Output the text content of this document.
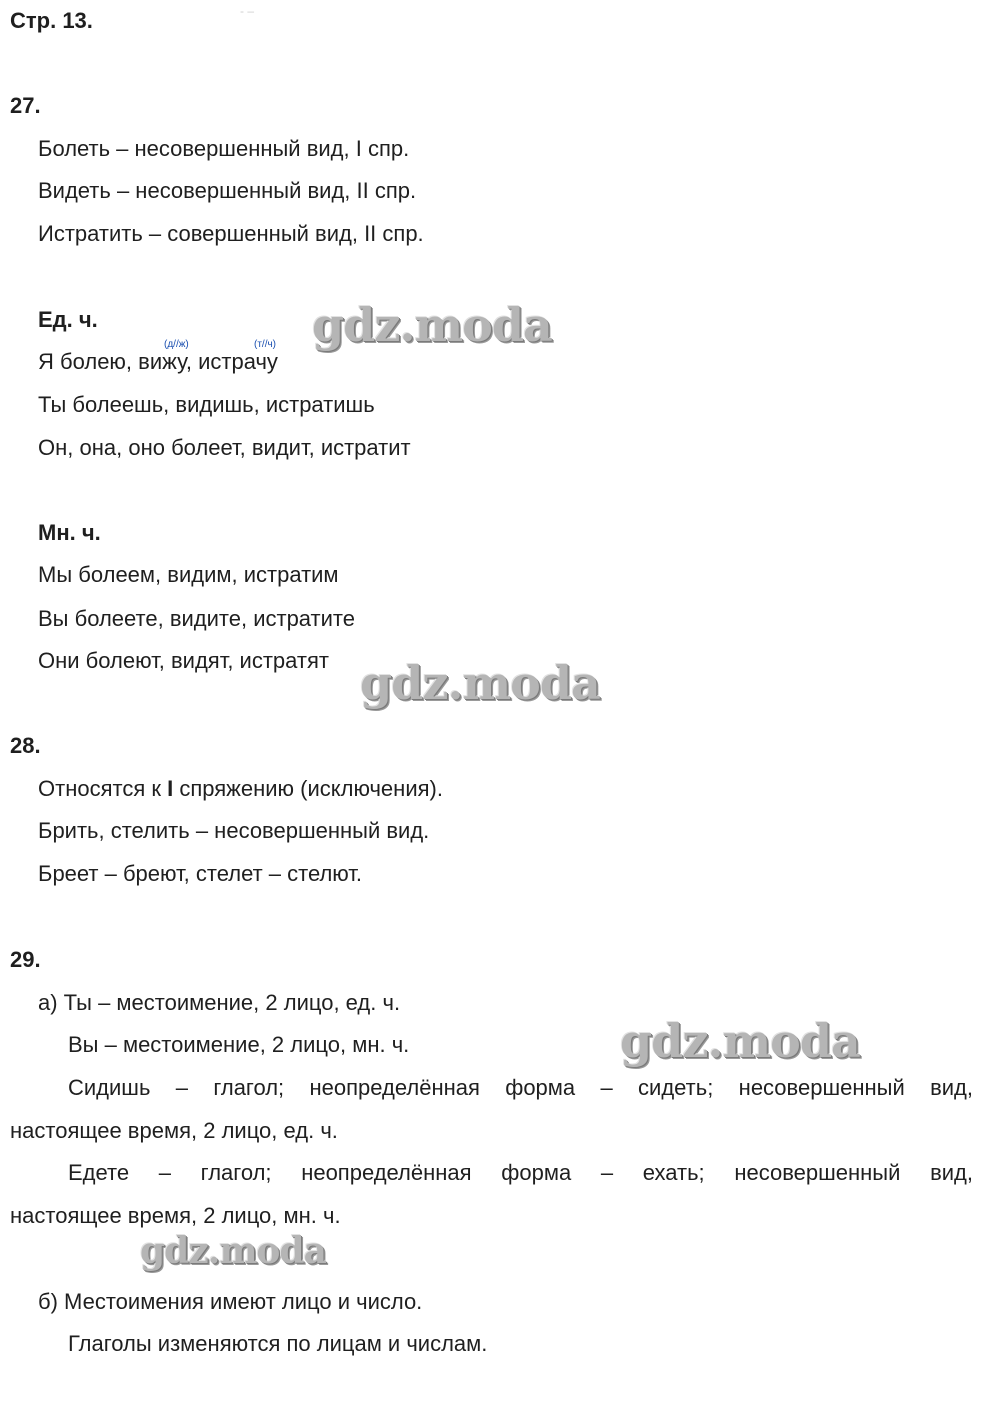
Стр. 13.	- –
27.
Болеть – несовершенный вид, I спр.
Видеть – несовершенный вид, II спр.
Истратить – совершенный вид, II спр.
Ед. ч.
(д//ж)	(т//ч)
Я болею, вижу, истрачу
Ты болеешь, видишь, истратишь
Он, она, оно болеет, видит, истратит
Мн. ч.
Мы болеем, видим, истратим
Вы болеете, видите, истратите
Они болеют, видят, истратят
28.
Относятся к I спряжению (исключения).
Брить, стелить – несовершенный вид.
Бреет – бреют, стелет – стелют.
29.
а) Ты – местоимение, 2 лицо, ед. ч.
Вы – местоимение, 2 лицо, мн. ч.
Сидишь – глагол; неопределённая форма – сидеть; несовершенный вид,
настоящее время, 2 лицо, ед. ч.
Едете – глагол; неопределённая форма – ехать; несовершенный вид,
настоящее время, 2 лицо, мн. ч.
б) Местоимения имеют лицо и число.
Глаголы изменяются по лицам и числам.
gdz.moda
gdz.moda
gdz.moda
gdz.moda
